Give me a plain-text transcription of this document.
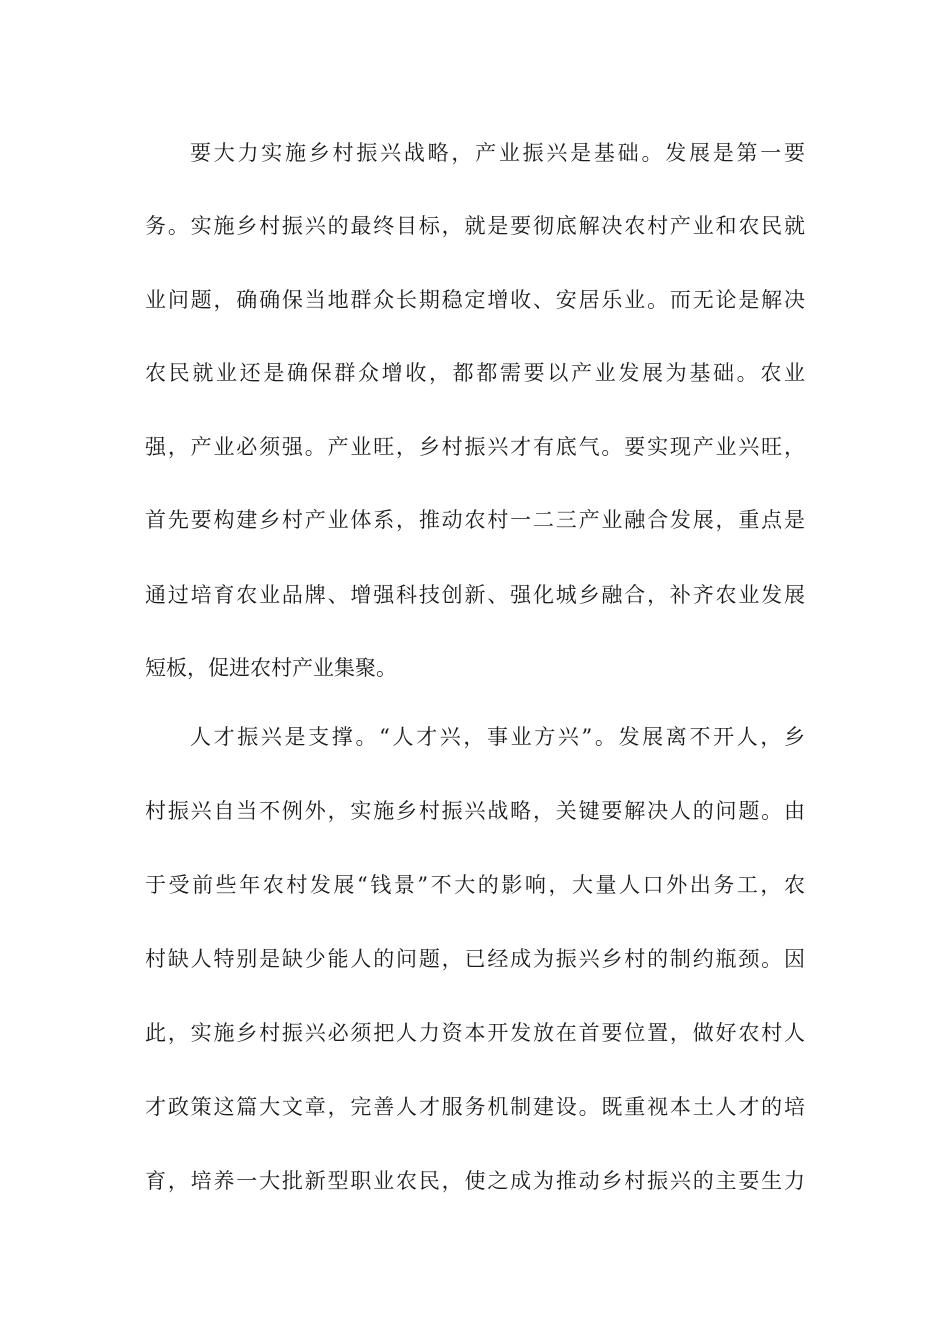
要大力实施乡村振兴战略，产业振兴是基础。发展是第一要
务。实施乡村振兴的最终目标，就是要彻底解决农村产业和农民就
业问题，确确保当地群众长期稳定增收、安居乐业。而无论是解决
农民就业还是确保群众增收，都都需要以产业发展为基础。农业
强，产业必须强。产业旺，乡村振兴才有底气。要实现产业兴旺，
首先要构建乡村产业体系，推动农村一二三产业融合发展，重点是
通过培育农业品牌、增强科技创新、强化城乡融合，补齐农业发展
短板，促进农村产业集聚。
人才振兴是支撑。“人才兴，事业方兴”。发展离不开人，乡
村振兴自当不例外，实施乡村振兴战略，关键要解决人的问题。由
于受前些年农村发展“钱景”不大的影响，大量人口外出务工，农
村缺人特别是缺少能人的问题，已经成为振兴乡村的制约瓶颈。因
此，实施乡村振兴必须把人力资本开发放在首要位置，做好农村人
才政策这篇大文章，完善人才服务机制建设。既重视本土人才的培
育，培养一大批新型职业农民，使之成为推动乡村振兴的主要生力
